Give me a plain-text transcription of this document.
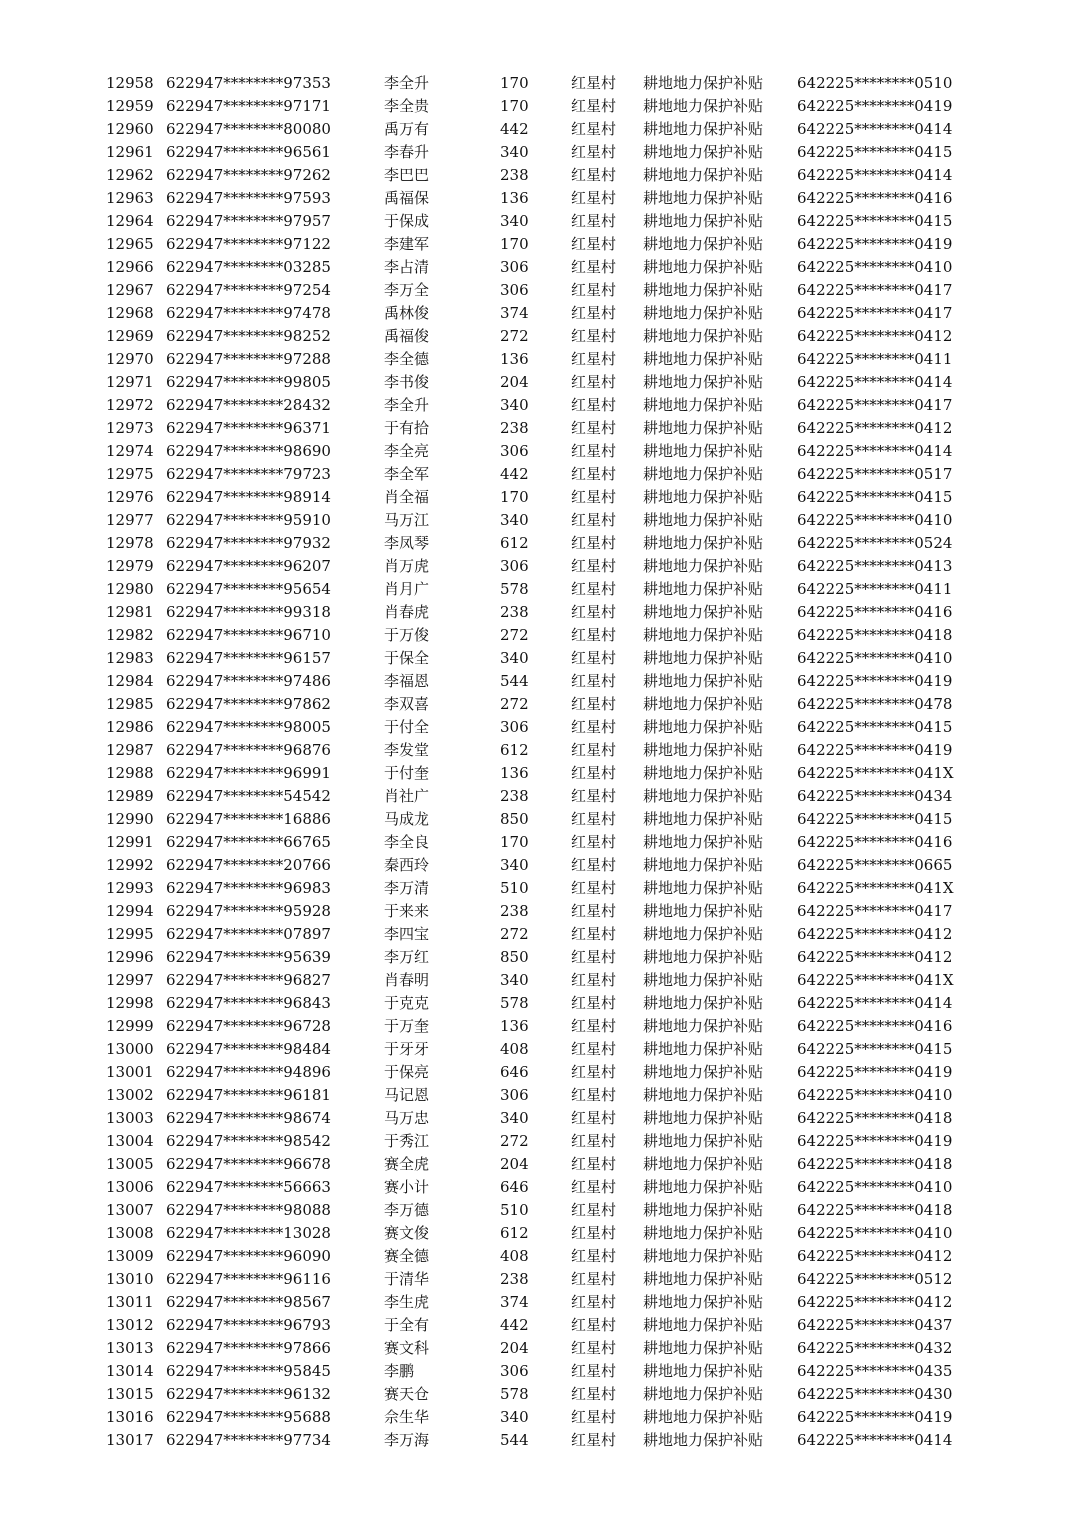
12958 622947********97353	李全升	170	红星村 耕地地力保护补贴 642225********0510
12959 622947********97171	李全贵	170	红星村 耕地地力保护补贴 642225********0419
12960 622947********80080	禹万有	442	红星村 耕地地力保护补贴 642225********0414
12961 622947********96561	李春升	340	红星村 耕地地力保护补贴 642225********0415
12962 622947********97262	李巴巴	238	红星村 耕地地力保护补贴 642225********0414
12963 622947********97593	禹福保	136	红星村 耕地地力保护补贴 642225********0416
12964 622947********97957	于保成	340	红星村 耕地地力保护补贴 642225********0415
12965 622947********97122	李建军	170	红星村 耕地地力保护补贴 642225********0419
12966 622947********03285	李占清	306	红星村 耕地地力保护补贴 642225********0410
12967 622947********97254	李万全	306	红星村 耕地地力保护补贴 642225********0417
12968 622947********97478	禹林俊	374	红星村 耕地地力保护补贴 642225********0417
12969 622947********98252	禹福俊	272	红星村 耕地地力保护补贴 642225********0412
12970 622947********97288	李全德	136	红星村 耕地地力保护补贴 642225********0411
12971 622947********99805	李书俊	204	红星村 耕地地力保护补贴 642225********0414
12972 622947********28432	李全升	340	红星村 耕地地力保护补贴 642225********0417
12973 622947********96371	于有拾	238	红星村 耕地地力保护补贴 642225********0412
12974 622947********98690	李全亮	306	红星村 耕地地力保护补贴 642225********0414
12975 622947********79723	李全军	442	红星村 耕地地力保护补贴 642225********0517
12976 622947********98914	肖全福	170	红星村 耕地地力保护补贴 642225********0415
12977 622947********95910	马万江	340	红星村 耕地地力保护补贴 642225********0410
12978 622947********97932	李凤琴	612	红星村 耕地地力保护补贴 642225********0524
12979 622947********96207	肖万虎	306	红星村 耕地地力保护补贴 642225********0413
12980 622947********95654	肖月广	578	红星村 耕地地力保护补贴 642225********0411
12981 622947********99318	肖春虎	238	红星村 耕地地力保护补贴 642225********0416
12982 622947********96710	于万俊	272	红星村 耕地地力保护补贴 642225********0418
12983 622947********96157	于保全	340	红星村 耕地地力保护补贴 642225********0410
12984 622947********97486	李福恩	544	红星村 耕地地力保护补贴 642225********0419
12985 622947********97862	李双喜	272	红星村 耕地地力保护补贴 642225********0478
12986 622947********98005	于付全	306	红星村 耕地地力保护补贴 642225********0415
12987 622947********96876	李发堂	612	红星村 耕地地力保护补贴 642225********0419
12988 622947********96991	于付奎	136	红星村 耕地地力保护补贴 642225********041X
12989 622947********54542	肖社广	238	红星村 耕地地力保护补贴 642225********0434
12990 622947********16886	马成龙	850	红星村 耕地地力保护补贴 642225********0415
12991 622947********66765	李全良	170	红星村 耕地地力保护补贴 642225********0416
12992 622947********20766	秦西玲	340	红星村 耕地地力保护补贴 642225********0665
12993 622947********96983	李万清	510	红星村 耕地地力保护补贴 642225********041X
12994 622947********95928	于来来	238	红星村 耕地地力保护补贴 642225********0417
12995 622947********07897	李四宝	272	红星村 耕地地力保护补贴 642225********0412
12996 622947********95639	李万红	850	红星村 耕地地力保护补贴 642225********0412
12997 622947********96827	肖春明	340	红星村 耕地地力保护补贴 642225********041X
12998 622947********96843	于克克	578	红星村 耕地地力保护补贴 642225********0414
12999 622947********96728	于万奎	136	红星村 耕地地力保护补贴 642225********0416
13000 622947********98484	于牙牙	408	红星村 耕地地力保护补贴 642225********0415
13001 622947********94896	于保亮	646	红星村 耕地地力保护补贴 642225********0419
13002 622947********96181	马记恩	306	红星村 耕地地力保护补贴 642225********0410
13003 622947********98674	马万忠	340	红星村 耕地地力保护补贴 642225********0418
13004 622947********98542	于秀江	272	红星村 耕地地力保护补贴 642225********0419
13005 622947********96678	赛全虎	204	红星村 耕地地力保护补贴 642225********0418
13006 622947********56663	赛小计	646	红星村 耕地地力保护补贴 642225********0410
13007 622947********98088	李万德	510	红星村 耕地地力保护补贴 642225********0418
13008 622947********13028	赛文俊	612	红星村 耕地地力保护补贴 642225********0410
13009 622947********96090	赛全德	408	红星村 耕地地力保护补贴 642225********0412
13010 622947********96116	于清华	238	红星村 耕地地力保护补贴 642225********0512
13011 622947********98567	李生虎	374	红星村 耕地地力保护补贴 642225********0412
13012 622947********96793	于全有	442	红星村 耕地地力保护补贴 642225********0437
13013 622947********97866	赛文科	204	红星村 耕地地力保护补贴 642225********0432
13014 622947********95845	李鹏	306	红星村 耕地地力保护补贴 642225********0435
13015 622947********96132	赛天仓	578	红星村 耕地地力保护补贴 642225********0430
13016 622947********95688	佘生华	340	红星村 耕地地力保护补贴 642225********0419
13017 622947********97734	李万海	544	红星村 耕地地力保护补贴 642225********0414
